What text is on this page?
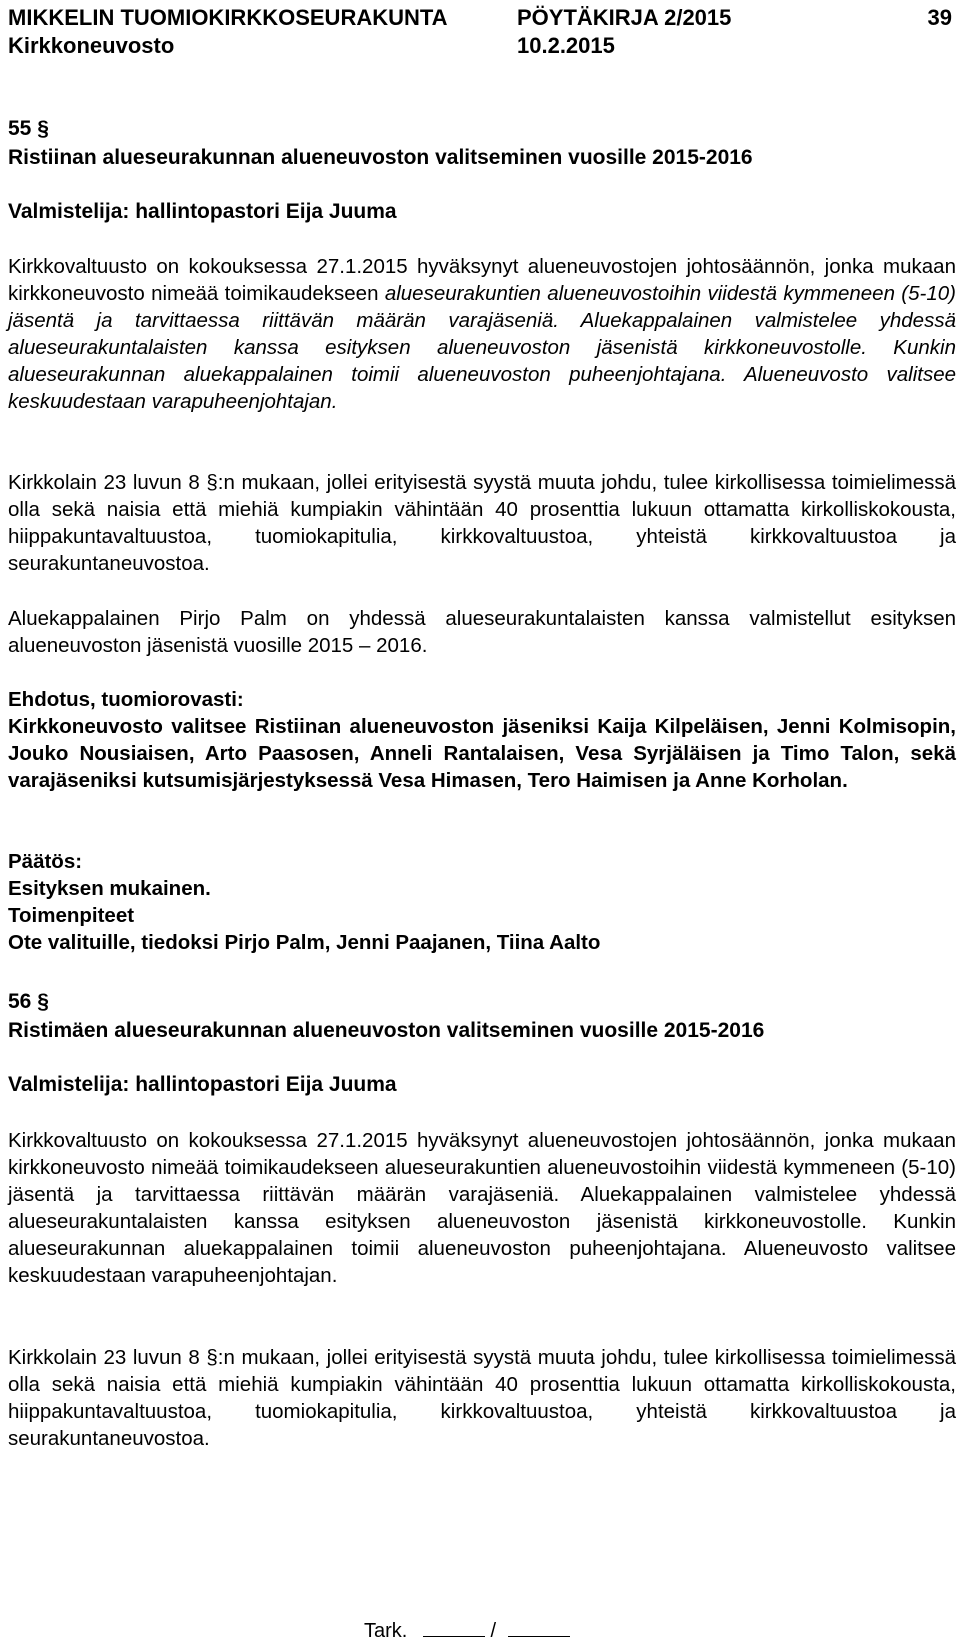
MIKKELIN TUOMIOKIRKKOSEURAKUNTA	PÖYTÄKIRJA 2/2015	39
Kirkkoneuvosto	10.2.2015
55 §
Ristiinan alueseurakunnan alueneuvoston valitseminen vuosille 2015-2016
Valmistelija: hallintopastori Eija Juuma
Kirkkovaltuusto on kokouksessa 27.1.2015 hyväksynyt alueneuvostojen johtosäännön, jonka mukaan kirkkoneuvosto nimeää toimikaudekseen alueseurakuntien alueneuvostoihin viidestä kymmeneen (5-10) jäsentä ja tarvittaessa riittävän määrän varajäseniä. Aluekappalainen valmistelee yhdessä alueseurakuntalaisten kanssa esityksen alueneuvoston jäsenistä kirkkoneuvostolle. Kunkin alueseurakunnan aluekappalainen toimii alueneuvoston puheenjohtajana. Alueneuvosto valitsee keskuudestaan varapuheenjohtajan.
Kirkkolain 23 luvun 8 §:n mukaan, jollei erityisestä syystä muuta johdu, tulee kirkollisessa toimielimessä olla sekä naisia että miehiä kumpiakin vähintään 40 prosenttia lukuun ottamatta kirkolliskokousta, hiippakuntavaltuustoa, tuomiokapitulia, kirkkovaltuustoa, yhteistä kirkkovaltuustoa ja seurakuntaneuvostoa.
Aluekappalainen Pirjo Palm on yhdessä alueseurakuntalaisten kanssa valmistellut esityksen alueneuvoston jäsenistä vuosille 2015 – 2016.
Ehdotus, tuomiorovasti:
Kirkkoneuvosto valitsee Ristiinan alueneuvoston jäseniksi Kaija Kilpeläisen, Jenni Kolmisopin, Jouko Nousiaisen, Arto Paasosen, Anneli Rantalaisen, Vesa Syrjäläisen ja Timo Talon, sekä varajäseniksi kutsumisjärjestyksessä Vesa Himasen, Tero Haimisen ja Anne Korholan.
Päätös:
Esityksen mukainen.
Toimenpiteet
Ote valituille, tiedoksi Pirjo Palm, Jenni Paajanen, Tiina Aalto
56 §
Ristimäen alueseurakunnan alueneuvoston valitseminen vuosille 2015-2016
Valmistelija: hallintopastori Eija Juuma
Kirkkovaltuusto on kokouksessa 27.1.2015 hyväksynyt alueneuvostojen johtosäännön, jonka mukaan kirkkoneuvosto nimeää toimikaudekseen alueseurakuntien alueneuvostoihin viidestä kymmeneen (5-10) jäsentä ja tarvittaessa riittävän määrän varajäseniä. Aluekappalainen valmistelee yhdessä alueseurakuntalaisten kanssa esityksen alueneuvoston jäsenistä kirkkoneuvostolle. Kunkin alueseurakunnan aluekappalainen toimii alueneuvoston puheenjohtajana. Alueneuvosto valitsee keskuudestaan varapuheenjohtajan.
Kirkkolain 23 luvun 8 §:n mukaan, jollei erityisestä syystä muuta johdu, tulee kirkollisessa toimielimessä olla sekä naisia että miehiä kumpiakin vähintään 40 prosenttia lukuun ottamatta kirkolliskokousta, hiippakuntavaltuustoa, tuomiokapitulia, kirkkovaltuustoa, yhteistä kirkkovaltuustoa ja seurakuntaneuvostoa.
Tark.	/
